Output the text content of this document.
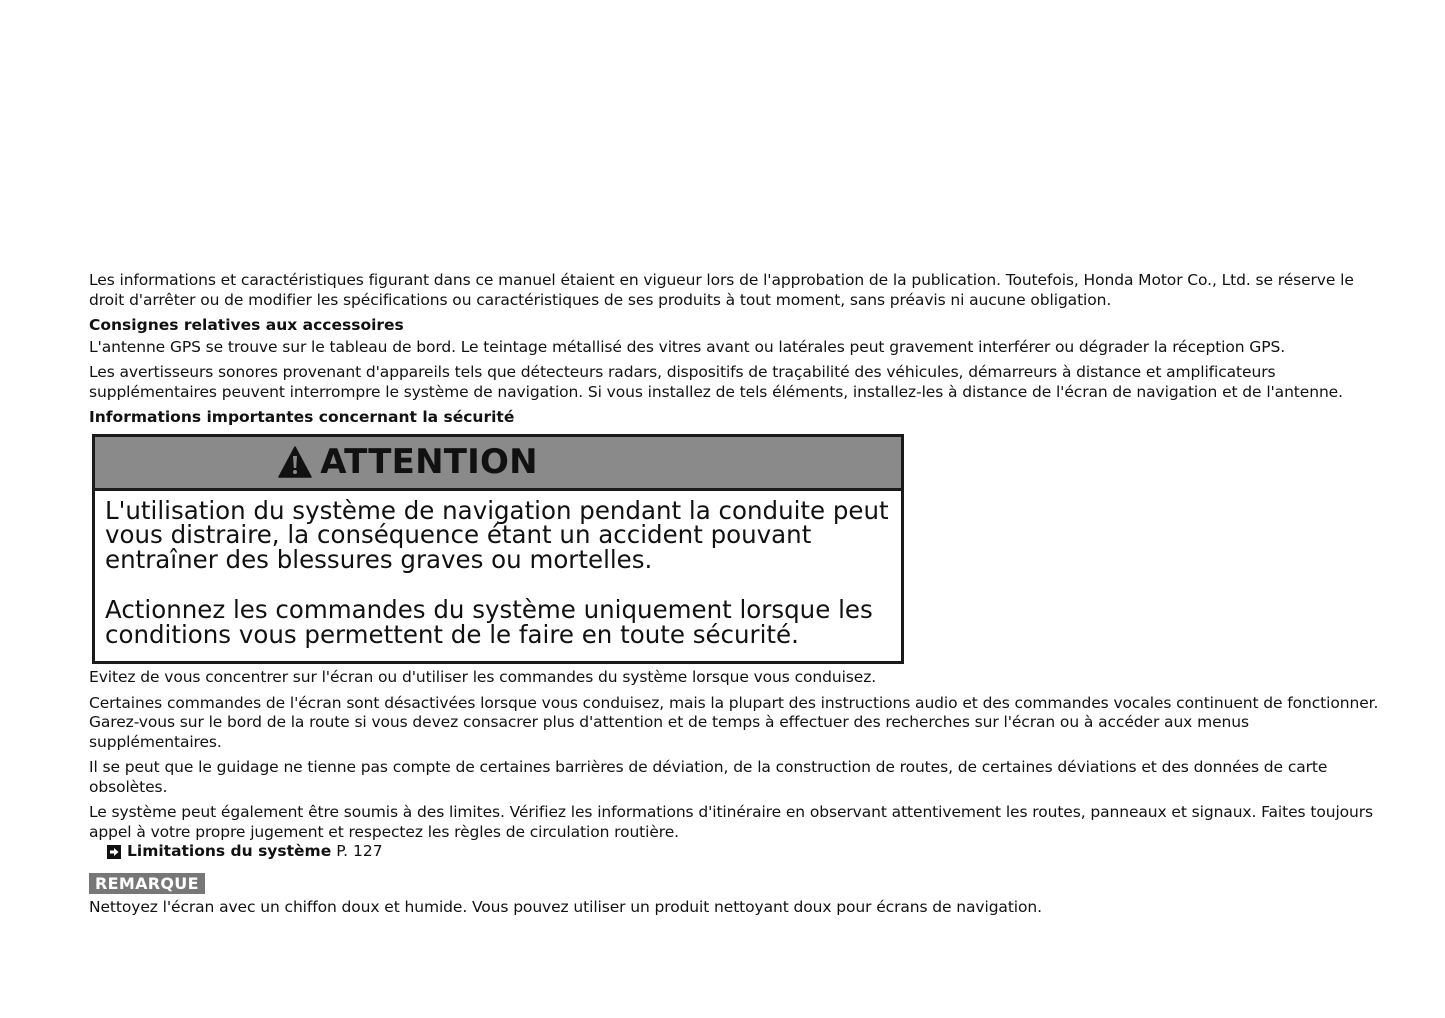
Les informations et caractéristiques figurant dans ce manuel étaient en vigueur lors de l'approbation de la publication. Toutefois, Honda Motor Co., Ltd. se réserve le droit d'arrêter ou de modifier les spécifications ou caractéristiques de ses produits à tout moment, sans préavis ni aucune obligation.

Consignes relatives aux accessoires

L'antenne GPS se trouve sur le tableau de bord. Le teintage métallisé des vitres avant ou latérales peut gravement interférer ou dégrader la réception GPS.

Les avertisseurs sonores provenant d'appareils tels que détecteurs radars, dispositifs de traçabilité des véhicules, démarreurs à distance et amplificateurs supplémentaires peuvent interrompre le système de navigation. Si vous installez de tels éléments, installez-les à distance de l'écran de navigation et de l'antenne.

Informations importantes concernant la sécurité

ATTENTION

L'utilisation du système de navigation pendant la conduite peut vous distraire, la conséquence étant un accident pouvant entraîner des blessures graves ou mortelles.

Actionnez les commandes du système uniquement lorsque les conditions vous permettent de le faire en toute sécurité.

Evitez de vous concentrer sur l'écran ou d'utiliser les commandes du système lorsque vous conduisez.

Certaines commandes de l'écran sont désactivées lorsque vous conduisez, mais la plupart des instructions audio et des commandes vocales continuent de fonctionner. Garez-vous sur le bord de la route si vous devez consacrer plus d'attention et de temps à effectuer des recherches sur l'écran ou à accéder aux menus supplémentaires.

Il se peut que le guidage ne tienne pas compte de certaines barrières de déviation, de la construction de routes, de certaines déviations et des données de carte obsolètes.

Le système peut également être soumis à des limites. Vérifiez les informations d'itinéraire en observant attentivement les routes, panneaux et signaux. Faites toujours appel à votre propre jugement et respectez les règles de circulation routière.

Limitations du système P. 127
REMARQUE

Nettoyez l'écran avec un chiffon doux et humide. Vous pouvez utiliser un produit nettoyant doux pour écrans de navigation.
